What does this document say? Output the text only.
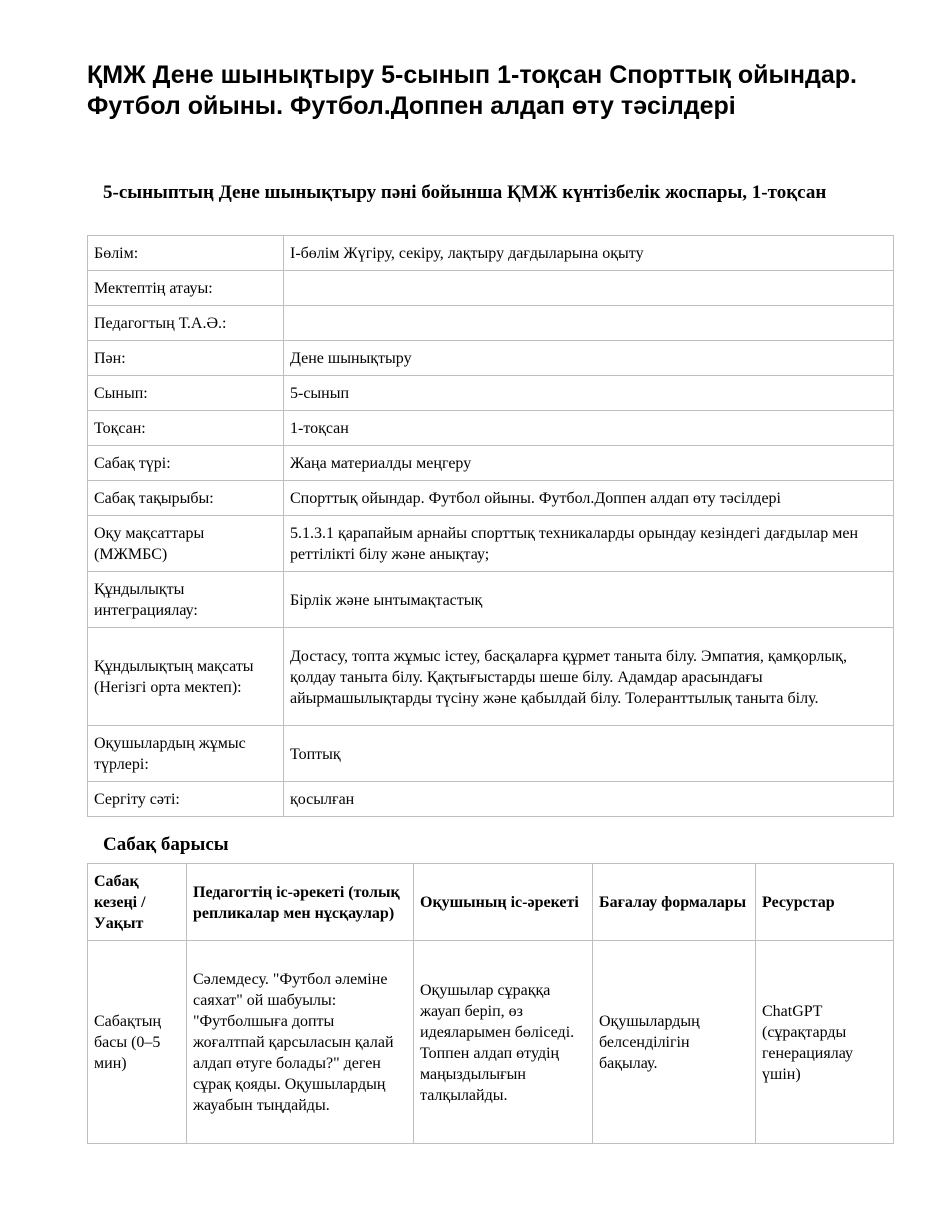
ҚМЖ Дене шынықтыру 5-сынып 1-тоқсан Спорттық ойындар. Футбол ойыны. Футбол.Доппен алдап өту тәсілдері
5-сыныптың Дене шынықтыру пәні бойынша ҚМЖ күнтізбелік жоспары, 1-тоқсан
Бөлім:	I-бөлім Жүгіру, секіру, лақтыру дағдыларына оқыту
Мектептің атауы:	
Педагогтың Т.А.Ә.:	
Пән:	Дене шынықтыру
Сынып:	5-сынып
Тоқсан:	1-тоқсан
Сабақ түрі:	Жаңа материалды меңгеру
Сабақ тақырыбы:	Спорттық ойындар. Футбол ойыны. Футбол.Доппен алдап өту тәсілдері
Оқу мақсаттары (МЖМБС)	5.1.3.1 қарапайым арнайы спорттық техникаларды орындау кезіндегі дағдылар мен реттілікті білу және анықтау;
Құндылықты интеграциялау:	Бірлік және ынтымақтастық
Құндылықтың мақсаты (Негізгі орта мектеп):	Достасу, топта жұмыс істеу, басқаларға құрмет таныта білу. Эмпатия, қамқорлық, қолдау таныта білу. Қақтығыстарды шеше білу. Адамдар арасындағы айырмашылықтарды түсіну және қабылдай білу. Толеранттылық таныта білу.
Оқушылардың жұмыс түрлері:	Топтық
Сергіту сәті:	қосылған
Сабақ барысы
Сабақ кезеңі / Уақыт	Педагогтің іс-әрекеті (толық репликалар мен нұсқаулар)	Оқушының іс-әрекеті	Бағалау формалары	Ресурстар
Сабақтың басы (0–5 мин)	Сәлемдесу. "Футбол әлеміне саяхат" ой шабуылы: "Футболшыға допты жоғалтпай қарсыласын қалай алдап өтуге болады?" деген сұрақ қояды. Оқушылардың жауабын тыңдайды.	Оқушылар сұраққа жауап беріп, өз идеяларымен бөліседі. Топпен алдап өтудің маңыздылығын талқылайды.	Оқушылардың белсенділігін бақылау.	ChatGPT (сұрақтарды генерациялау үшін)
